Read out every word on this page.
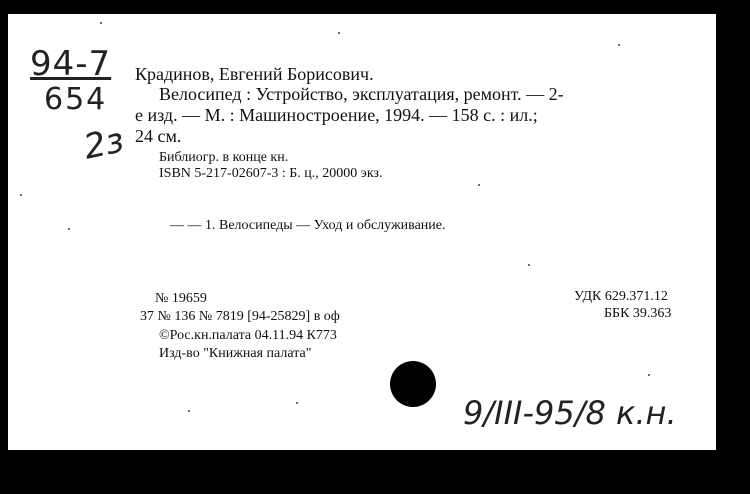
94-7
654
2з
Крадинов, Евгений Борисович.
Велосипед : Устройство, эксплуатация, ремонт. — 2-
е изд. — М. : Машиностроение, 1994. — 158 с. : ил.;
24 см.
Библиогр. в конце кн.
ISBN 5-217-02607-3 : Б. ц., 20000 экз.
— — 1. Велосипеды — Уход и обслуживание.
№ 19659
37 № 136 № 7819 [94-25829] в оф
©Рос.кн.палата 04.11.94 К773
Изд-во "Книжная палата"
УДК 629.371.12
ББК 39.363
9/III-95/8 к.н.
